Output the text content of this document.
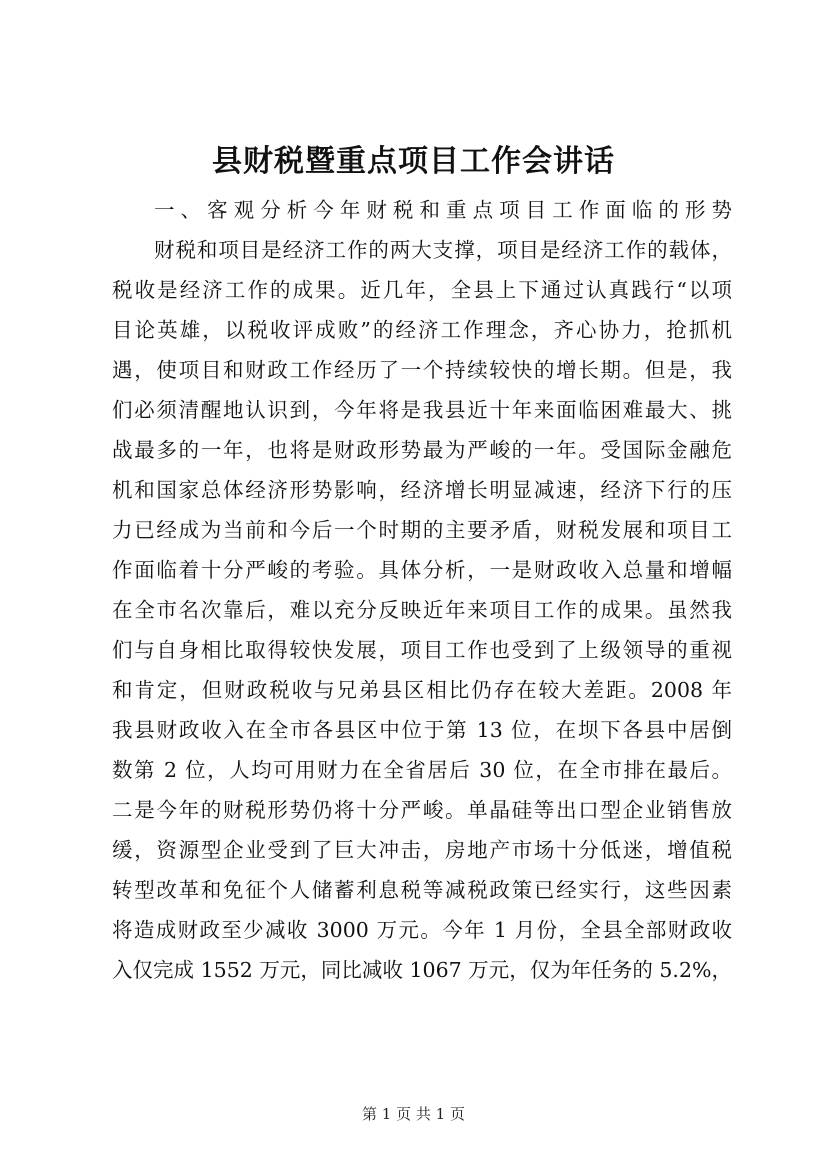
县财税暨重点项目工作会讲话
一、客观分析今年财税和重点项目工作面临的形势
财税和项目是经济工作的两大支撑，项目是经济工作的载体，
税收是经济工作的成果。近几年，全县上下通过认真践行“以项
目论英雄，以税收评成败”的经济工作理念，齐心协力，抢抓机
遇，使项目和财政工作经历了一个持续较快的增长期。但是，我
们必须清醒地认识到，今年将是我县近十年来面临困难最大、挑
战最多的一年，也将是财政形势最为严峻的一年。受国际金融危
机和国家总体经济形势影响，经济增长明显减速，经济下行的压
力已经成为当前和今后一个时期的主要矛盾，财税发展和项目工
作面临着十分严峻的考验。具体分析，一是财政收入总量和增幅
在全市名次靠后，难以充分反映近年来项目工作的成果。虽然我
们与自身相比取得较快发展，项目工作也受到了上级领导的重视
和肯定，但财政税收与兄弟县区相比仍存在较大差距。2008 年
我县财政收入在全市各县区中位于第 13 位，在坝下各县中居倒
数第 2 位，人均可用财力在全省居后 30 位，在全市排在最后。
二是今年的财税形势仍将十分严峻。单晶硅等出口型企业销售放
缓，资源型企业受到了巨大冲击，房地产市场十分低迷，增值税
转型改革和免征个人储蓄利息税等减税政策已经实行，这些因素
将造成财政至少减收 3000 万元。今年 1 月份，全县全部财政收
入仅完成 1552 万元，同比减收 1067 万元，仅为年任务的 5.2%，
第 1 页 共 1 页
